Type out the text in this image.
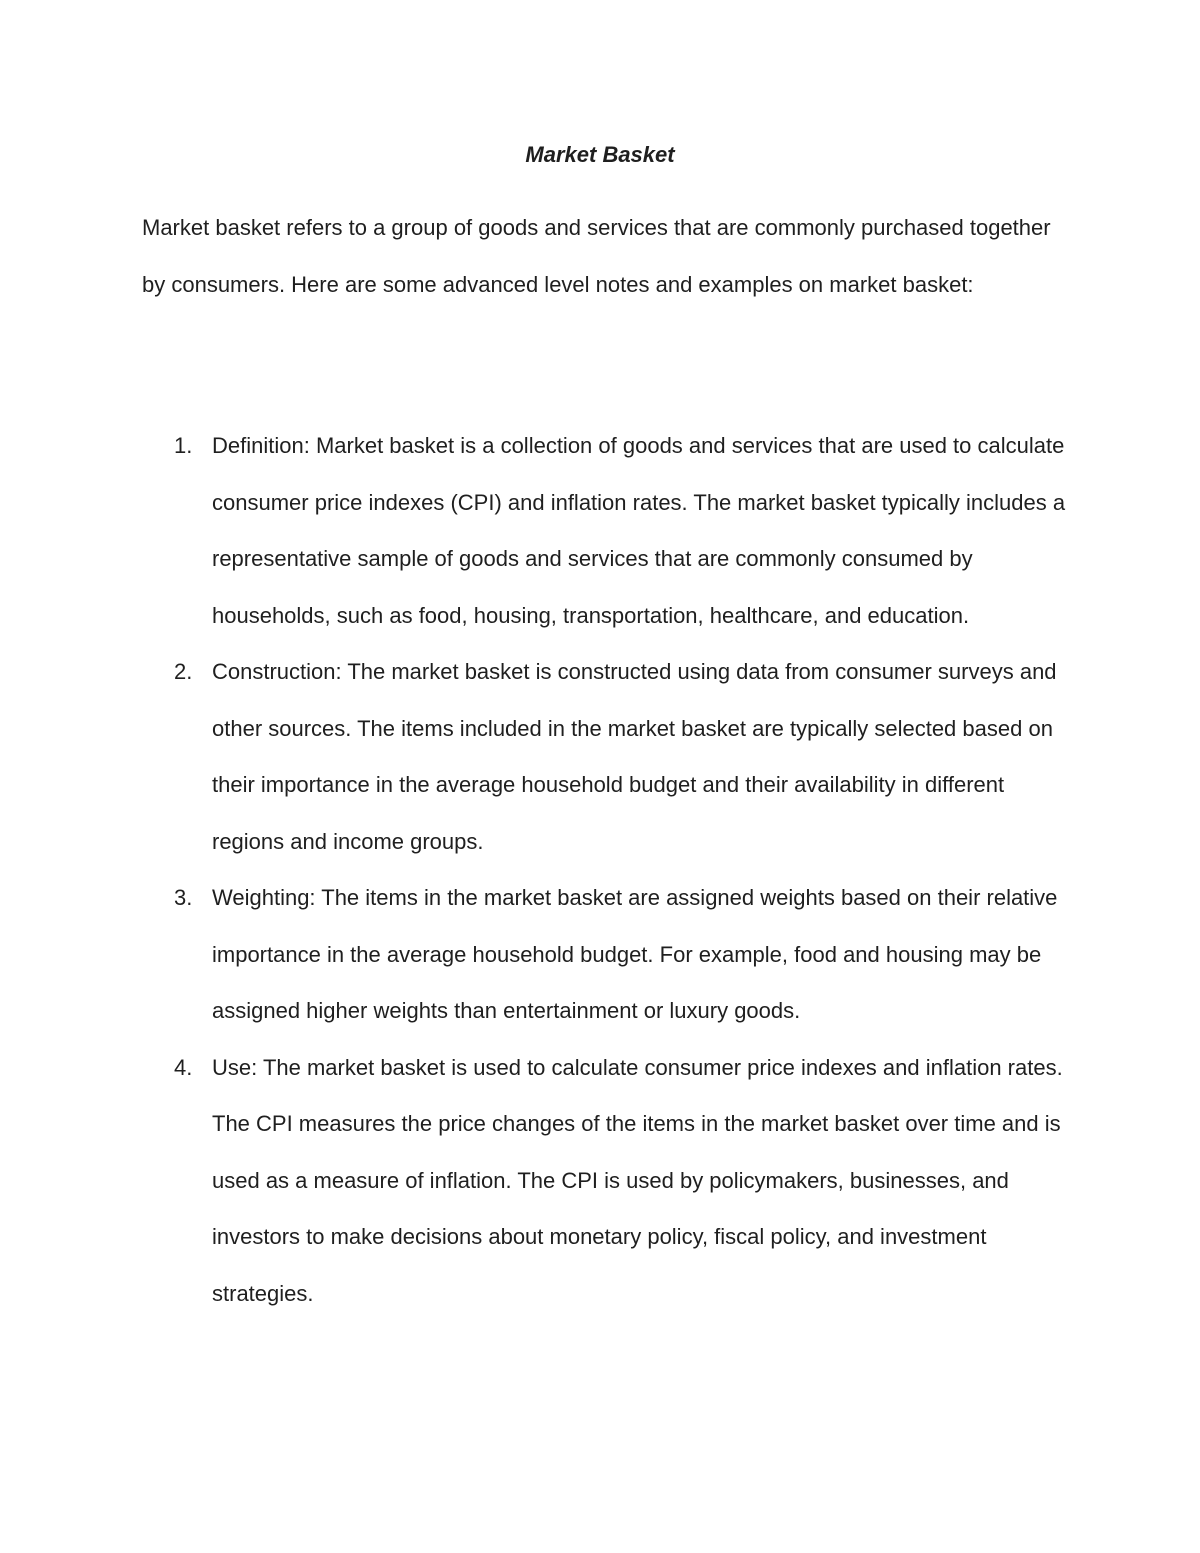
Market Basket

Market basket refers to a group of goods and services that are commonly purchased together by consumers. Here are some advanced level notes and examples on market basket:

1. Definition: Market basket is a collection of goods and services that are used to calculate consumer price indexes (CPI) and inflation rates. The market basket typically includes a representative sample of goods and services that are commonly consumed by households, such as food, housing, transportation, healthcare, and education.
2. Construction: The market basket is constructed using data from consumer surveys and other sources. The items included in the market basket are typically selected based on their importance in the average household budget and their availability in different regions and income groups.
3. Weighting: The items in the market basket are assigned weights based on their relative importance in the average household budget. For example, food and housing may be assigned higher weights than entertainment or luxury goods.
4. Use: The market basket is used to calculate consumer price indexes and inflation rates. The CPI measures the price changes of the items in the market basket over time and is used as a measure of inflation. The CPI is used by policymakers, businesses, and investors to make decisions about monetary policy, fiscal policy, and investment strategies.
